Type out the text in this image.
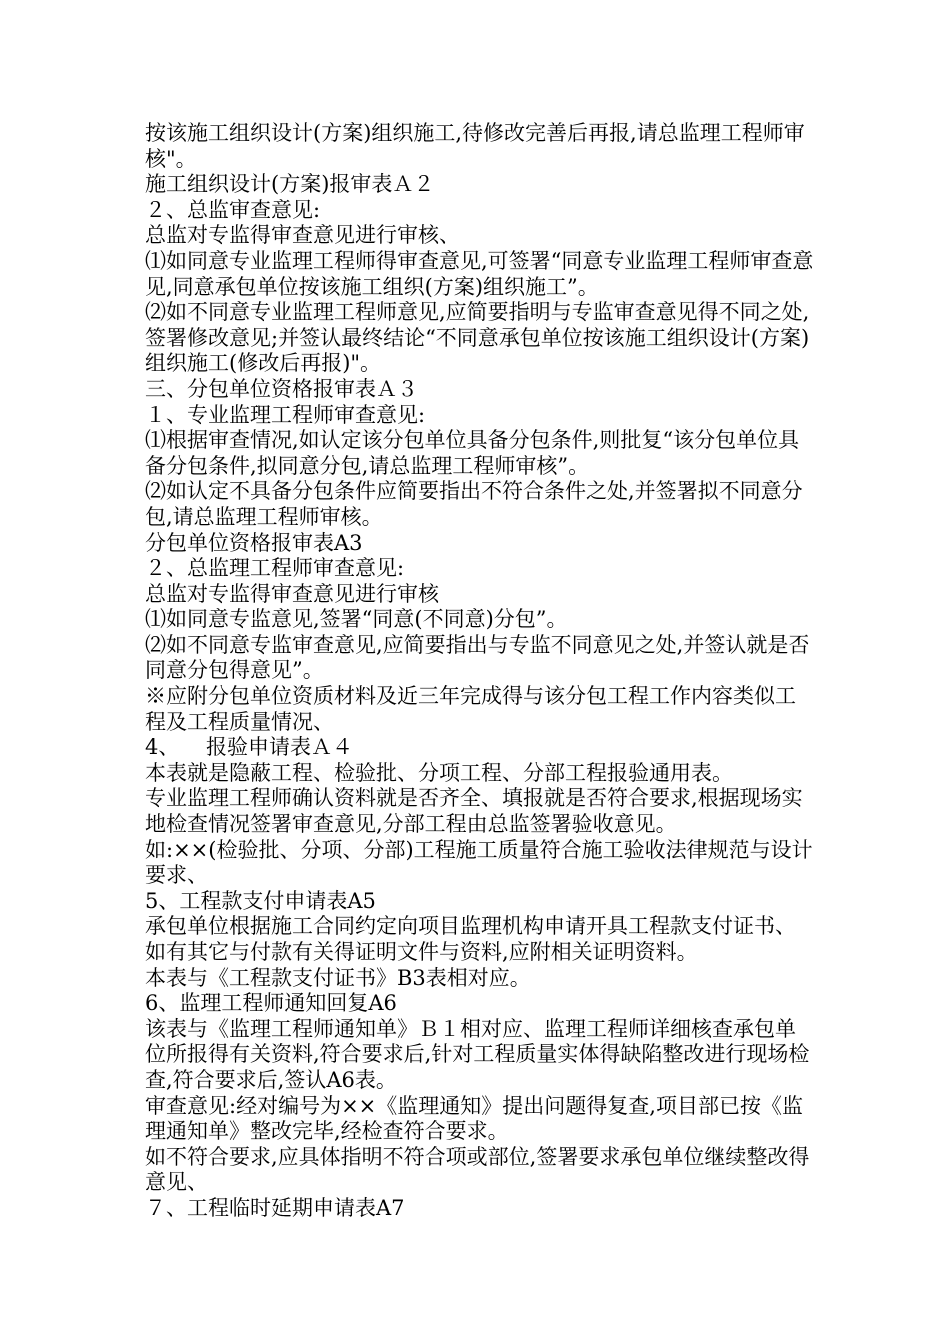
按该施工组织设计(方案)组织施工,待修改完善后再报,请总监理工程师审核"。

施工组织设计(方案)报审表Ａ２

２、总监审查意见:

总监对专监得审查意见进行审核、

⑴如同意专业监理工程师得审查意见,可签署“同意专业监理工程师审查意见,同意承包单位按该施工组织(方案)组织施工”。

⑵如不同意专业监理工程师意见,应简要指明与专监审查意见得不同之处,签署修改意见;并签认最终结论“不同意承包单位按该施工组织设计(方案)组织施工(修改后再报)"。

三、分包单位资格报审表Ａ３

１、专业监理工程师审查意见:

⑴根据审查情况,如认定该分包单位具备分包条件,则批复“该分包单位具备分包条件,拟同意分包,请总监理工程师审核”。

⑵如认定不具备分包条件应简要指出不符合条件之处,并签署拟不同意分包,请总监理工程师审核。

分包单位资格报审表A3

２、总监理工程师审查意见:

总监对专监得审查意见进行审核

⑴如同意专监意见,签署“同意(不同意)分包”。

⑵如不同意专监审查意见,应简要指出与专监不同意见之处,并签认就是否同意分包得意见”。

※应附分包单位资质材料及近三年完成得与该分包工程工作内容类似工程及工程质量情况、

4、    报验申请表Ａ４

本表就是隐蔽工程、检验批、分项工程、分部工程报验通用表。

专业监理工程师确认资料就是否齐全、填报就是否符合要求,根据现场实地检查情况签署审查意见,分部工程由总监签署验收意见。

如:××(检验批、分项、分部)工程施工质量符合施工验收法律规范与设计要求、

5、工程款支付申请表A5

承包单位根据施工合同约定向项目监理机构申请开具工程款支付证书、

如有其它与付款有关得证明文件与资料,应附相关证明资料。

本表与《工程款支付证书》B3表相对应。

6、监理工程师通知回复A6

该表与《监理工程师通知单》Ｂ１相对应、监理工程师详细核查承包单位所报得有关资料,符合要求后,针对工程质量实体得缺陷整改进行现场检查,符合要求后,签认A6表。

审查意见:经对编号为××《监理通知》提出问题得复查,项目部已按《监理通知单》整改完毕,经检查符合要求。

如不符合要求,应具体指明不符合项或部位,签署要求承包单位继续整改得意见、

７、工程临时延期申请表A7
